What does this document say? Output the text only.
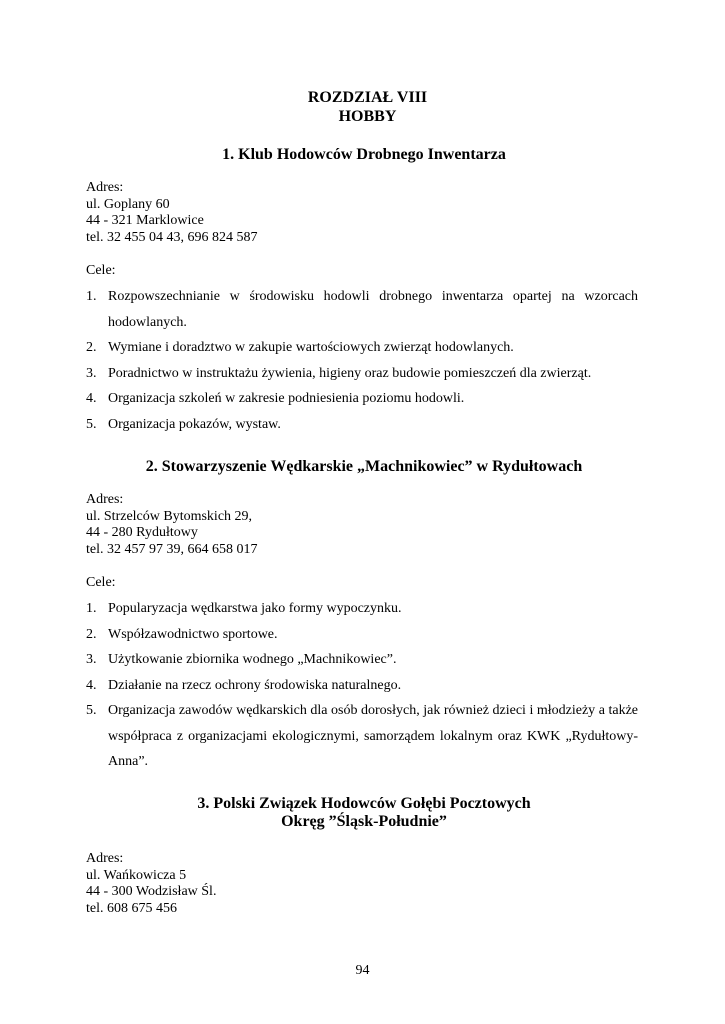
ROZDZIAŁ VIII
HOBBY
1. Klub Hodowców Drobnego Inwentarza
Adres:
ul. Goplany 60
44 - 321 Marklowice
tel. 32 455 04 43, 696 824 587
Cele:
1. Rozpowszechnianie w środowisku hodowli drobnego inwentarza opartej na wzorcach hodowlanych.
2. Wymiane i doradztwo w zakupie wartościowych zwierząt hodowlanych.
3. Poradnictwo w instruktażu żywienia, higieny oraz budowie pomieszczeń dla zwierząt.
4. Organizacja szkoleń w zakresie podniesienia poziomu hodowli.
5. Organizacja pokazów, wystaw.
2. Stowarzyszenie Wędkarskie „Machnikowiec” w Rydułtowach
Adres:
ul. Strzelców Bytomskich 29,
44 - 280 Rydułtowy
tel. 32 457 97 39, 664 658 017
Cele:
1. Popularyzacja wędkarstwa jako formy wypoczynku.
2. Współzawodnictwo sportowe.
3. Użytkowanie zbiornika wodnego „Machnikowiec”.
4. Działanie na rzecz ochrony środowiska naturalnego.
5. Organizacja zawodów wędkarskich dla osób dorosłych, jak również dzieci i młodzieży a także współpraca z organizacjami ekologicznymi, samorządem lokalnym oraz KWK „Rydułtowy-Anna”.
3. Polski Związek Hodowców Gołębi Pocztowych
Okręg ”Śląsk-Południe”
Adres:
ul. Wańkowicza 5
44 - 300 Wodzisław Śl.
tel. 608 675 456
94
